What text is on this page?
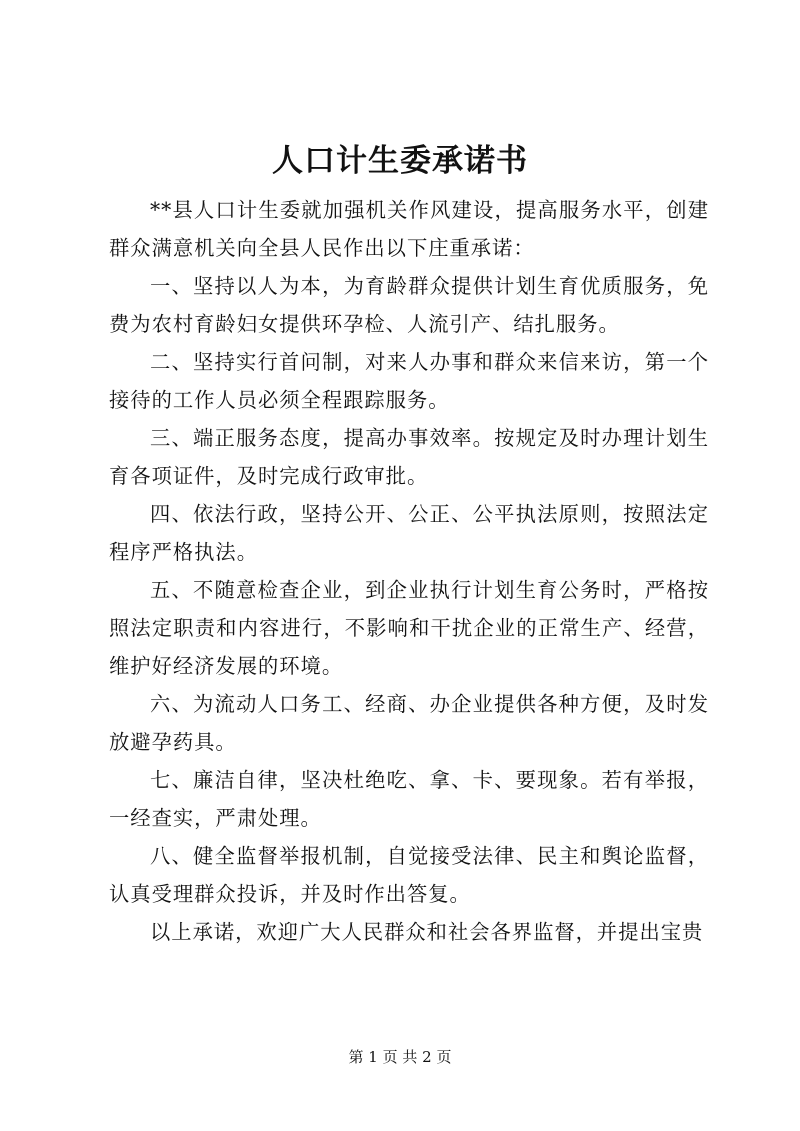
人口计生委承诺书

**县人口计生委就加强机关作风建设，提高服务水平，创建群众满意机关向全县人民作出以下庄重承诺：

一、坚持以人为本，为育龄群众提供计划生育优质服务，免费为农村育龄妇女提供环孕检、人流引产、结扎服务。

二、坚持实行首问制，对来人办事和群众来信来访，第一个接待的工作人员必须全程跟踪服务。

三、端正服务态度，提高办事效率。按规定及时办理计划生育各项证件，及时完成行政审批。

四、依法行政，坚持公开、公正、公平执法原则，按照法定程序严格执法。

五、不随意检查企业，到企业执行计划生育公务时，严格按照法定职责和内容进行，不影响和干扰企业的正常生产、经营，维护好经济发展的环境。

六、为流动人口务工、经商、办企业提供各种方便，及时发放避孕药具。

七、廉洁自律，坚决杜绝吃、拿、卡、要现象。若有举报，一经查实，严肃处理。

八、健全监督举报机制，自觉接受法律、民主和舆论监督，认真受理群众投诉，并及时作出答复。

以上承诺，欢迎广大人民群众和社会各界监督，并提出宝贵

第 1 页 共 2 页
